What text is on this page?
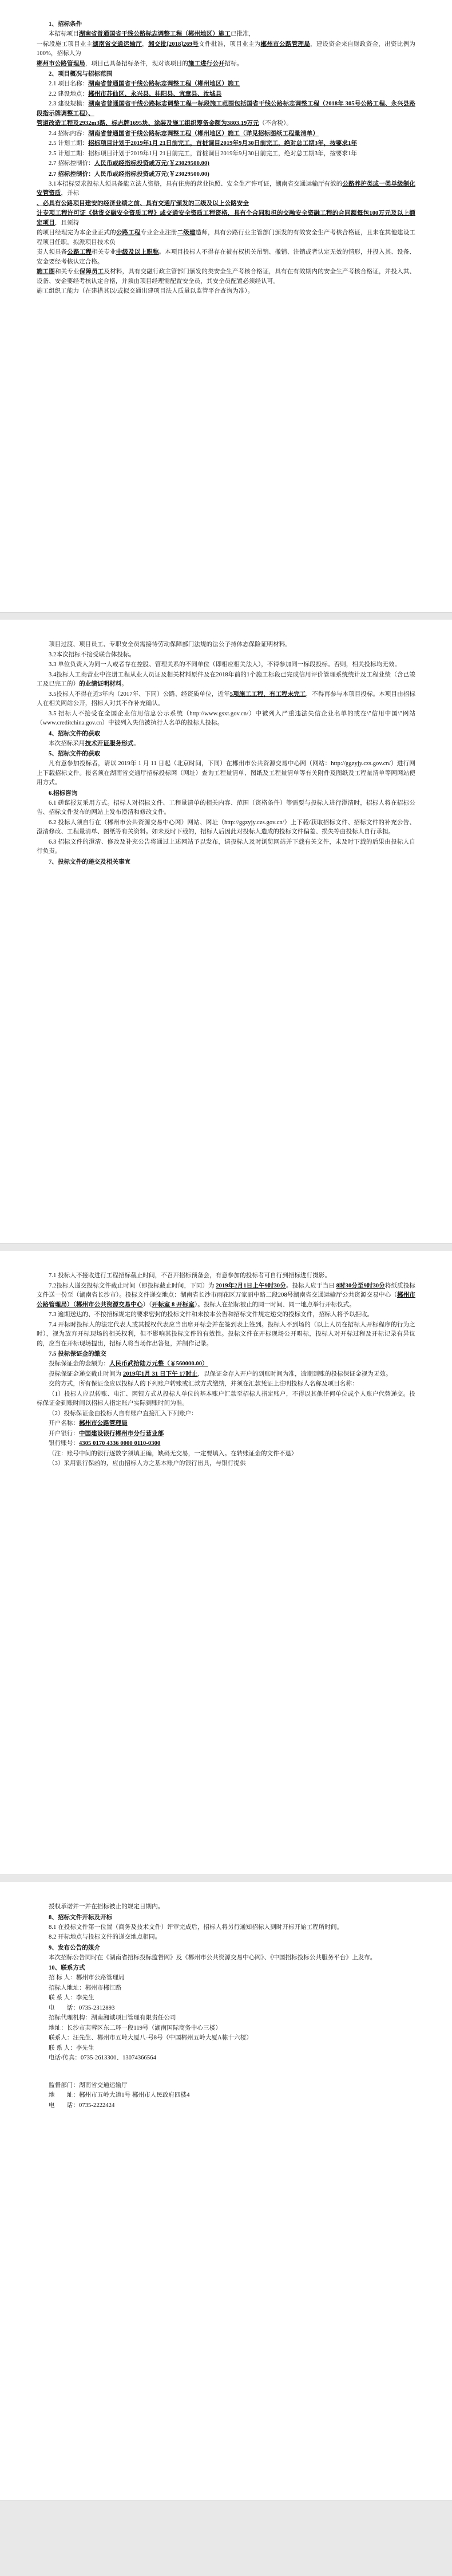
1、招标条件

本招标项目湖南省普通国省干线公路标志调整工程（郴州地区）施工已批准，

一标段施工项目业主湖南省交通运输厅，湘交批[2018]269号文件批准，项目业主为郴州市公路管理局，建设资金来自财政资金，出资比例为100%，招标人为

郴州市公路管理局，项目已具备招标条件，现对该项目的施工进行公开招标。

2、项目概况与招标范围

2.1 项目名称：湖南省普通国省干线公路标志调整工程（郴州地区）施工

2.2 建设地点：郴州市苏仙区、永兴县、桂阳县、宜章县、汝城县

2.3 建设规模：湖南省普通国省干线公路标志调整工程一标段施工范围包括国省干线公路标志调整工程（2018年 305号公路工程、永兴县路段指示牌调整工程）、

管道改造工程及2932m3路、标志牌1695块、涂装及施工组织筹备金额为3803.19万元（不含税）。

2.4 招标内容：湖南省普通国省干线公路标志调整工程（郴州地区）施工（详见招标图纸工程量清单）

2.5 计划工期：招标项目计划于2019年1月 21日前完工，首桩调目2019年9月30日前完工，绝对总工期3年，按要求1年

2.5 计划工期：招标项目计划于2019年1月 21日前完工，首桩调目2019年9月30日前完工，绝对总工期3年，按要求1年

2.7 招标控制价：人民币或经指标投资或万元(￥23029500.00)

2.7 招标控制价：人民币或经指标投资或万元(￥23029500.00)

3.1本招标要求投标人须具备能立法人资格，具有住房的营业执照、安全生产许可证，湖南省交通运输厅有效的公路养护类或一类单级制化安管资质，并标

、必具有公路项目建安的经济业绩之前、具有交通厅颁发的三级及以上公路安全

计专项工程许可证《供货交融安全资质工程》或交通安全资质工程资格，具有个合同和担的交融安全资融工程的合同额每包100万元及以上额定项目，且须持

的项目经理完为本企业正式的公路工程专业企业注册二级建造师，具有公路行业主管部门颁发的有效安全生产考核合格证，且未在其他建设工程项目任职。拟派项目技术负

责人须具备公路工程相关专业中级及以上职称。本项目投标人不得存在被有权机关吊销、撤销、注销或者认定无效的情形，并投入其、设备、安金要经考核认定合格。

施工图和关专业保障员工及材料，具有交融行政主管部门颁发的类安全生产考核合格证，具有在有效期内的安全生产考核合格证，并投入其、设备、安金要经考核认定合格，并须由项目经理需配置安全员，其安全员配置必须经认可。

施工组织工能力（在建措其以/或拟交通出建项目法人质量以监管平台查询为准）。

项目过渡、项目员工、专职安全员需接待劳动保障部门法规的法公子持体态保险证明材料。

3.2本次招标不接受联合体投标。

3.3 单位负责人为同一人或者存在控股、管理关系的不同单位（即相应相关法人），不得参加同一标段投标。否则，相关投标均无效。

3.4投标人工商营业中注册工程从业人员证及相关材料原件及在2018年前的1个施工标段已完成信用评价管理系统统计及工程业绩（含已竣工及已完工的）的业绩证明材料。

3.5投标人不得在近3年内（2017年、下同）公路、经资质单位，近年5项施工工程，有工程未完工，不得再参与本项目投标。本项目由招标人在相关网站公开，招标人对其不作补充确认。

3.5 招标人不接受在全国企业信用信息公示系统（http://www.gsxt.gov.cn/）中被列入严重违法失信企业名单的或在\"信用中国\"网站（www.creditchina.gov.cn）中被列入失信被执行人名单的投标人投标。

4、招标文件的获取

本次招标采用技术开证服务形式。

5、招标文件的获取

凡有意参加投标者，请以 2019年 1 月 11 日起（北京时间，下同）在郴州市公共资源交易中心网（网站：http://ggzyjy.czs.gov.cn/）进行网上下载招标文件。报名须在湖南省交通厅招标投标网（网址）查询工程量清单、图纸及工程量清单等有关附件及图纸及工程量清单等网网站使用方式。

6.招标咨询

6.1 磋谋报复采用方式。招标人对招标文件、工程量清单的相关内容、范围（资格条件）等需要与投标人进行澄清时，招标人将在招标公告、招标文件发布的网站上发布澄清和修改文件。

6.2 投标人须自行在（郴州市公共资源交易中心网）网站、网址（http://ggzyjy.czs.gov.cn/）上下载/获取招标文件、招标文件的补充公告、澄清修改、工程量清单、图纸等有关资料。如未及时下载的，招标人后因此对投标人造成的投标文件偏差、损失等由投标人自行承担。

6.3 招标文件的澄清、修改及补充公告将通过上述网站予以发布，请投标人及时浏览网站并下载有关文件，未及时下载的后果由投标人自行负责。

7、投标文件的递交及相关事宜

7.1 投标人不接收进行工程招标截止时间，不召开招标预备会，有意参加的投标者可自行到招标进行摄影。

7.2投标人递交投标文件截止时间（即投标截止时间，下同）为 2019年2月1日上午9时30分。投标人应于当日 8时30分至9时30分将纸质投标文件送一份至（湖南省长沙市）。投标文件递交地点：湖南省长沙市雨花区万家丽中路二段208号湖南省交通运输厅公共资源交易中心（郴州市公路管理局）（郴州市公共资源交易中心）（开标室 8 开标室）。投标人在招标被止的同一时间、同一地点举行开标仪式。

7.3 逾期送达的、不按招标规定的要求密封的投标文件和未按本公告和招标文件规定递交的投标文件，招标人将予以拒收。

7.4 开标时投标人的法定代表人或其授权代表应当出席开标会并在签到表上签到。投标人不到场的（以上人员在招标人开标程序的行为之时），视为放弃开标现场的相关权利，但不影响其投标文件的有效性。投标文件在开标现场公开唱标，投标人对开标过程及开标记录有异议的，应当在开标现场提出，招标人将当场作出答复，并制作记录。

7.5 投标保证金的缴交

投标保证金的金额为：人民币武拾陆万元整（￥560000.00）

投标保证金递交截止时间为 2019年1月 31 日下午 17时止，以保证金存入开户的到账时间为准，逾期到账的投标保证金视为无效。

交的方式，所有保证金应以投标人的下列账户转账或汇款方式缴纳，并须在汇款凭证上注明投标人名称及项目名称：

（1）投标人应以转账、电汇、网银方式从投标人单位的基本账户汇款至招标人指定账户，不得以其他任何单位或个人账户代替递交。投标保证金到账时间以招标人指定账户实际到账时间为准。

（2）投标保证金由投标人自有账户直接汇入下列账户：

开户名称：郴州市公路管理局

开户银行：中国建设银行郴州市分行营业部

银行账号：4305 0170 4336 0000 0110-0300

（注：账号中间的银行逐数字须填正确，缺码无交易，一定要填入。在转账证金的文件不退）

（3）采用银行保函的，应由招标人方之基本账户的银行出具，与银行提供

授权承诺并一并在招标被止的规定日期内。

8、招标文件开标及开标

8.1 在投标文件第一位置（商务及技术文件）评审完成后，招标人将另行通知招标人到时开标开始工程所时间。

8.2 开标地点与投标文件的递交地点相同。

9、发布公告的媒介

本次招标公告同时在《湖南省招标投标监督网》及《郴州市公共资源交易中心网》、《中国招标投标公共服务平台》上发布。

10、联系方式

招 标 人：郴州市公路管理局

招标人地址：郴州市郴江路

联 系 人：李先生

电　　话：0735-2312893

招标代理机构：湖南湘诚项目管理有限责任公司

地址：长沙市芙蓉区东二环一段119号（湖南国际商务中心三楼）

联系人：汪先生、郴州市五岭大厦八-号8号（中国郴州五岭大厦A栋十六楼）

联 系 人：李先生

电话/传真：0735-2613300、13074366564

监督部门：湖南省交通运输厅

地　　址：郴州市五岭大道1号 郴州市人民政府四楼4

电　　话：0735-2222424
